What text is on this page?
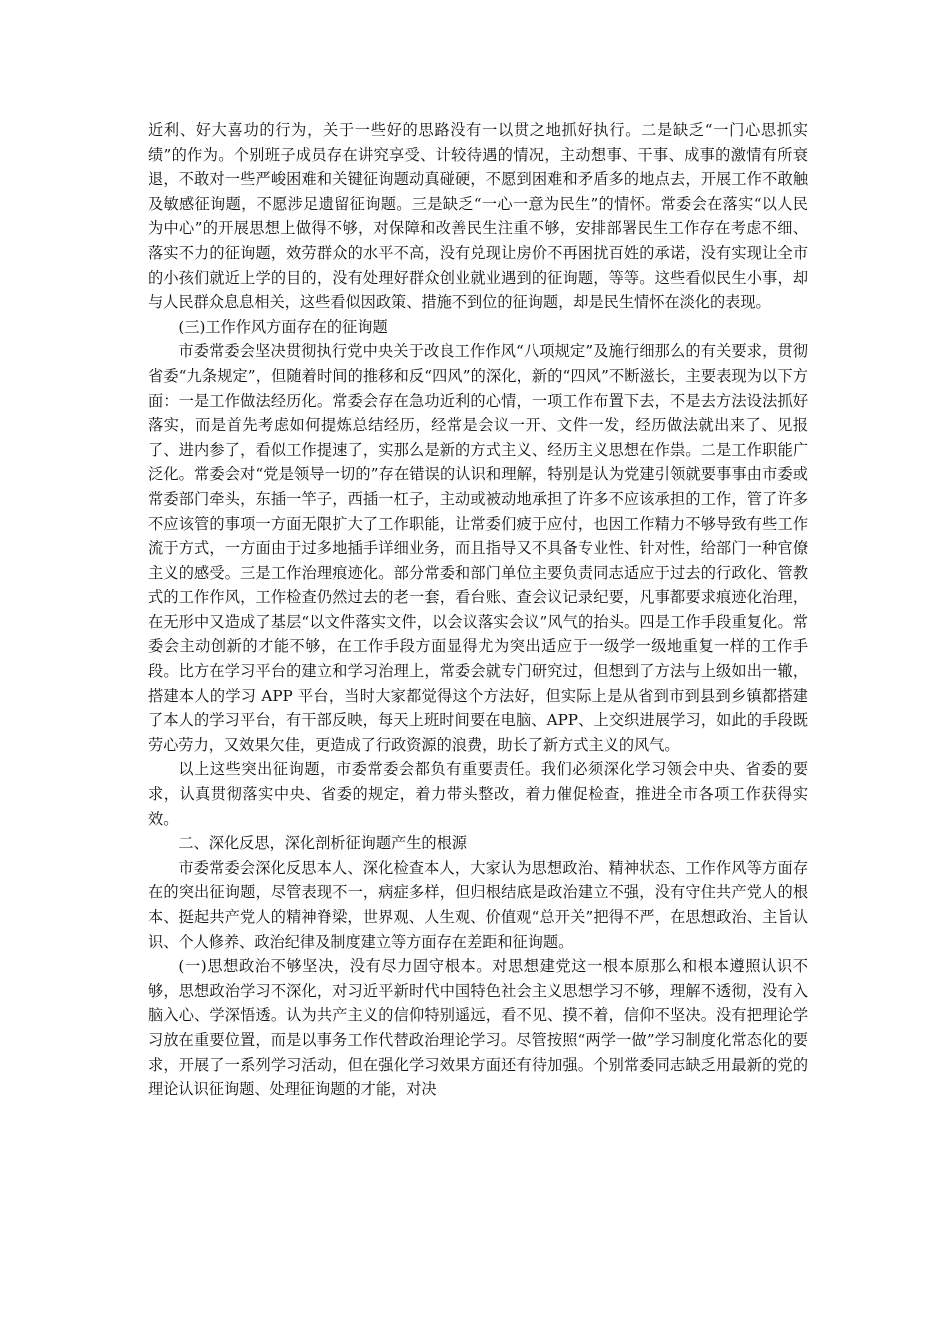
近利、好大喜功的行为，关于一些好的思路没有一以贯之地抓好执行。二是缺乏“一门心思抓实绩”的作为。个别班子成员存在讲究享受、计较待遇的情况，主动想事、干事、成事的激情有所衰退，不敢对一些严峻困难和关键征询题动真碰硬，不愿到困难和矛盾多的地点去，开展工作不敢触及敏感征询题，不愿涉足遗留征询题。三是缺乏“一心一意为民生”的情怀。常委会在落实“以人民为中心”的开展思想上做得不够，对保障和改善民生注重不够，安排部署民生工作存在考虑不细、落实不力的征询题，效劳群众的水平不高，没有兑现让房价不再困扰百姓的承诺，没有实现让全市的小孩们就近上学的目的，没有处理好群众创业就业遇到的征询题，等等。这些看似民生小事，却与人民群众息息相关，这些看似因政策、措施不到位的征询题，却是民生情怀在淡化的表现。

(三)工作作风方面存在的征询题

市委常委会坚决贯彻执行党中央关于改良工作作风“八项规定”及施行细那么的有关要求，贯彻省委“九条规定”，但随着时间的推移和反“四风”的深化，新的“四风”不断滋长，主要表现为以下方面：一是工作做法经历化。常委会存在急功近利的心情，一项工作布置下去，不是去方法设法抓好落实，而是首先考虑如何提炼总结经历，经常是会议一开、文件一发，经历做法就出来了、见报了、进内参了，看似工作提速了，实那么是新的方式主义、经历主义思想在作祟。二是工作职能广泛化。常委会对“党是领导一切的”存在错误的认识和理解，特别是认为党建引领就要事事由市委或常委部门牵头，东插一竿子，西插一杠子，主动或被动地承担了许多不应该承担的工作，管了许多不应该管的事项一方面无限扩大了工作职能，让常委们疲于应付，也因工作精力不够导致有些工作流于方式，一方面由于过多地插手详细业务，而且指导又不具备专业性、针对性，给部门一种官僚主义的感受。三是工作治理痕迹化。部分常委和部门单位主要负责同志适应于过去的行政化、管教式的工作作风，工作检查仍然过去的老一套，看台账、查会议记录纪要，凡事都要求痕迹化治理，在无形中又造成了基层“以文件落实文件，以会议落实会议”风气的抬头。四是工作手段重复化。常委会主动创新的才能不够，在工作手段方面显得尤为突出适应于一级学一级地重复一样的工作手段。比方在学习平台的建立和学习治理上，常委会就专门研究过，但想到了方法与上级如出一辙，搭建本人的学习 APP 平台，当时大家都觉得这个方法好，但实际上是从省到市到县到乡镇都搭建了本人的学习平台，有干部反映，每天上班时间要在电脑、APP、上交织进展学习，如此的手段既劳心劳力，又效果欠佳，更造成了行政资源的浪费，助长了新方式主义的风气。

以上这些突出征询题，市委常委会都负有重要责任。我们必须深化学习领会中央、省委的要求，认真贯彻落实中央、省委的规定，着力带头整改，着力催促检查，推进全市各项工作获得实效。

二、深化反思，深化剖析征询题产生的根源

市委常委会深化反思本人、深化检查本人，大家认为思想政治、精神状态、工作作风等方面存在的突出征询题，尽管表现不一，病症多样，但归根结底是政治建立不强，没有守住共产党人的根本、挺起共产党人的精神脊梁，世界观、人生观、价值观“总开关”把得不严，在思想政治、主旨认识、个人修养、政治纪律及制度建立等方面存在差距和征询题。

(一)思想政治不够坚决，没有尽力固守根本。对思想建党这一根本原那么和根本遵照认识不够，思想政治学习不深化，对习近平新时代中国特色社会主义思想学习不够，理解不透彻，没有入脑入心、学深悟透。认为共产主义的信仰特别遥远，看不见、摸不着，信仰不坚决。没有把理论学习放在重要位置，而是以事务工作代替政治理论学习。尽管按照“两学一做”学习制度化常态化的要求，开展了一系列学习活动，但在强化学习效果方面还有待加强。个别常委同志缺乏用最新的党的理论认识征询题、处理征询题的才能，对决
